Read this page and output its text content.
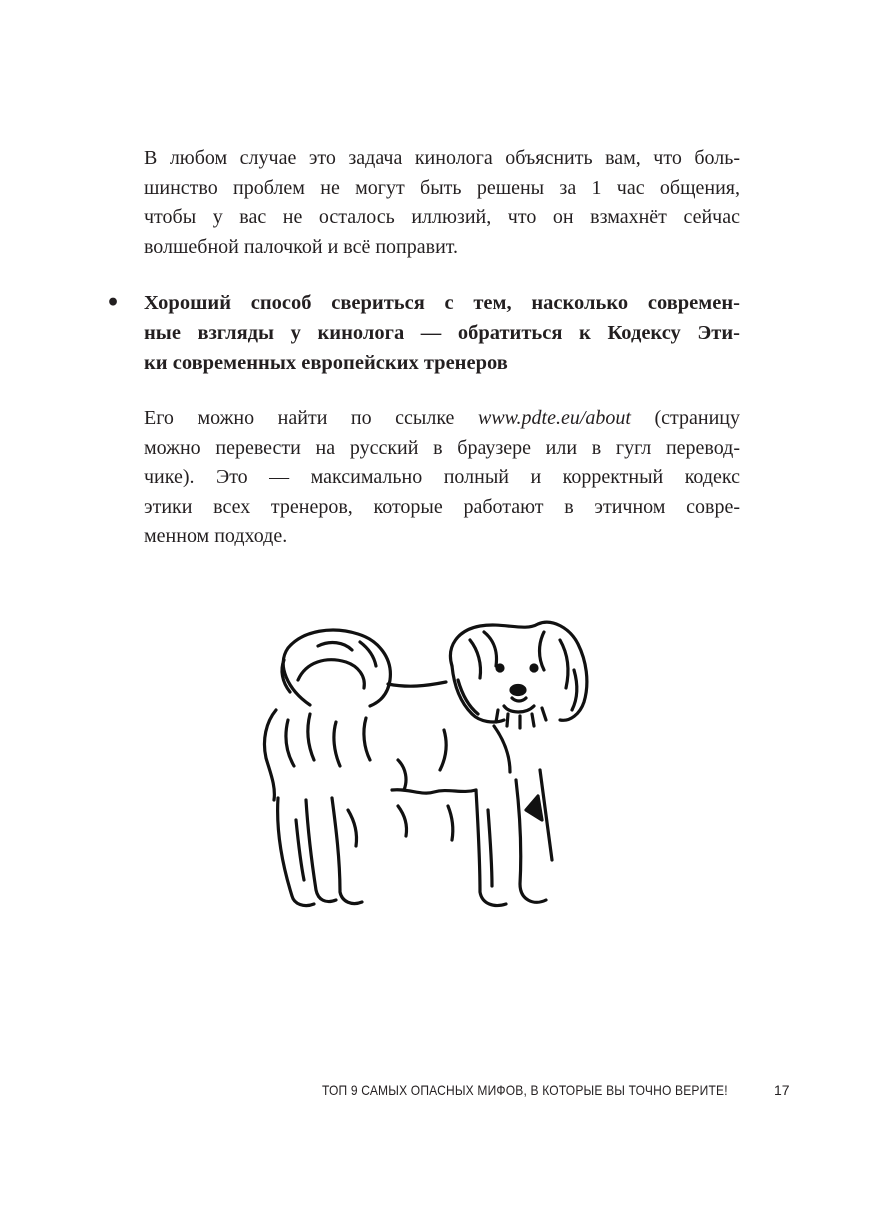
В любом случае это задача кинолога объяснить вам, что боль-
шинство проблем не могут быть решены за 1 час общения,
чтобы у вас не осталось иллюзий, что он взмахнёт сейчас
волшебной палочкой и всё поправит.
• Хороший способ свериться с тем, насколько современ-
ные взгляды у кинолога — обратиться к Кодексу Эти-
ки современных европейских тренеров
Его можно найти по ссылке www.pdte.eu/about (страницу
можно перевести на русский в браузере или в гугл перевод-
чике). Это — максимально полный и корректный кодекс
этики всех тренеров, которые работают в этичном совре-
менном подходе.
ТОП 9 САМЫХ ОПАСНЫХ МИФОВ, В КОТОРЫЕ ВЫ ТОЧНО ВЕРИТЕ!	17
